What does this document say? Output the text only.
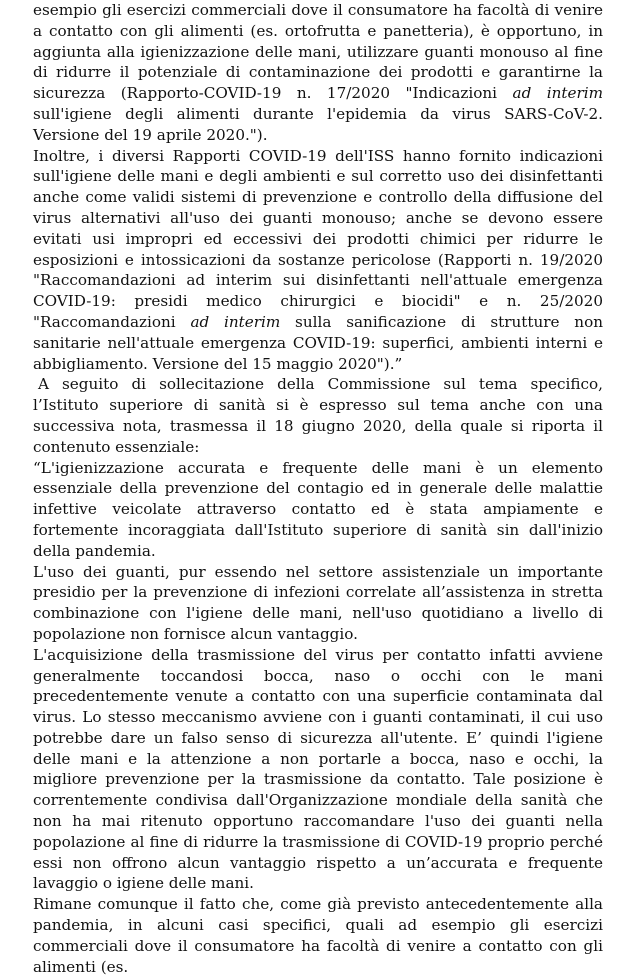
esempio gli esercizi commerciali dove il consumatore ha facoltà di venire a contatto con gli alimenti (es. ortofrutta e panetteria), è opportuno, in aggiunta alla igienizzazione delle mani, utilizzare guanti monouso al fine di ridurre il potenziale di contaminazione dei prodotti e garantirne la sicurezza (Rapporto-COVID-19 n. 17/2020 "Indicazioni ad interim sull'igiene degli alimenti durante l'epidemia da virus SARS-CoV-2. Versione del 19 aprile 2020.").

Inoltre, i diversi Rapporti COVID-19 dell'ISS hanno fornito indicazioni sull'igiene delle mani e degli ambienti e sul corretto uso dei disinfettanti anche come validi sistemi di prevenzione e controllo della diffusione del virus alternativi all'uso dei guanti monouso; anche se devono essere evitati usi impropri ed eccessivi dei prodotti chimici per ridurre le esposizioni e intossicazioni da sostanze pericolose (Rapporti n. 19/2020 "Raccomandazioni ad interim sui disinfettanti nell'attuale emergenza COVID-19: presidi medico chirurgici e biocidi" e n. 25/2020 "Raccomandazioni ad interim sulla sanificazione di strutture non sanitarie nell'attuale emergenza COVID-19: superfici, ambienti interni e abbigliamento. Versione del 15 maggio 2020").”

A seguito di sollecitazione della Commissione sul tema specifico, l’Istituto superiore di sanità si è espresso sul tema anche con una successiva nota, trasmessa il 18 giugno 2020, della quale si riporta il contenuto essenziale:

“L'igienizzazione accurata e frequente delle mani è un elemento essenziale della prevenzione del contagio ed in generale delle malattie infettive veicolate attraverso contatto ed è stata ampiamente e fortemente incoraggiata dall'Istituto superiore di sanità sin dall'inizio della pandemia.

L'uso dei guanti, pur essendo nel settore assistenziale un importante presidio per la prevenzione di infezioni correlate all’assistenza in stretta combinazione con l'igiene delle mani, nell'uso quotidiano a livello di popolazione non fornisce alcun vantaggio.

L'acquisizione della trasmissione del virus per contatto infatti avviene generalmente toccandosi bocca, naso o occhi con le mani precedentemente venute a contatto con una superficie contaminata dal virus. Lo stesso meccanismo avviene con i guanti contaminati, il cui uso potrebbe dare un falso senso di sicurezza all'utente. E’ quindi l'igiene delle mani e la attenzione a non portarle a bocca, naso e occhi, la migliore prevenzione per la trasmissione da contatto. Tale posizione è correntemente condivisa dall'Organizzazione mondiale della sanità che non ha mai ritenuto opportuno raccomandare l'uso dei guanti nella popolazione al fine di ridurre la trasmissione di COVID-19 proprio perché essi non offrono alcun vantaggio rispetto a un’accurata e frequente lavaggio o igiene delle mani.

Rimane comunque il fatto che, come già previsto antecedentemente alla pandemia, in alcuni casi specifici, quali ad esempio gli esercizi commerciali dove il consumatore ha facoltà di venire a contatto con gli alimenti (es.
